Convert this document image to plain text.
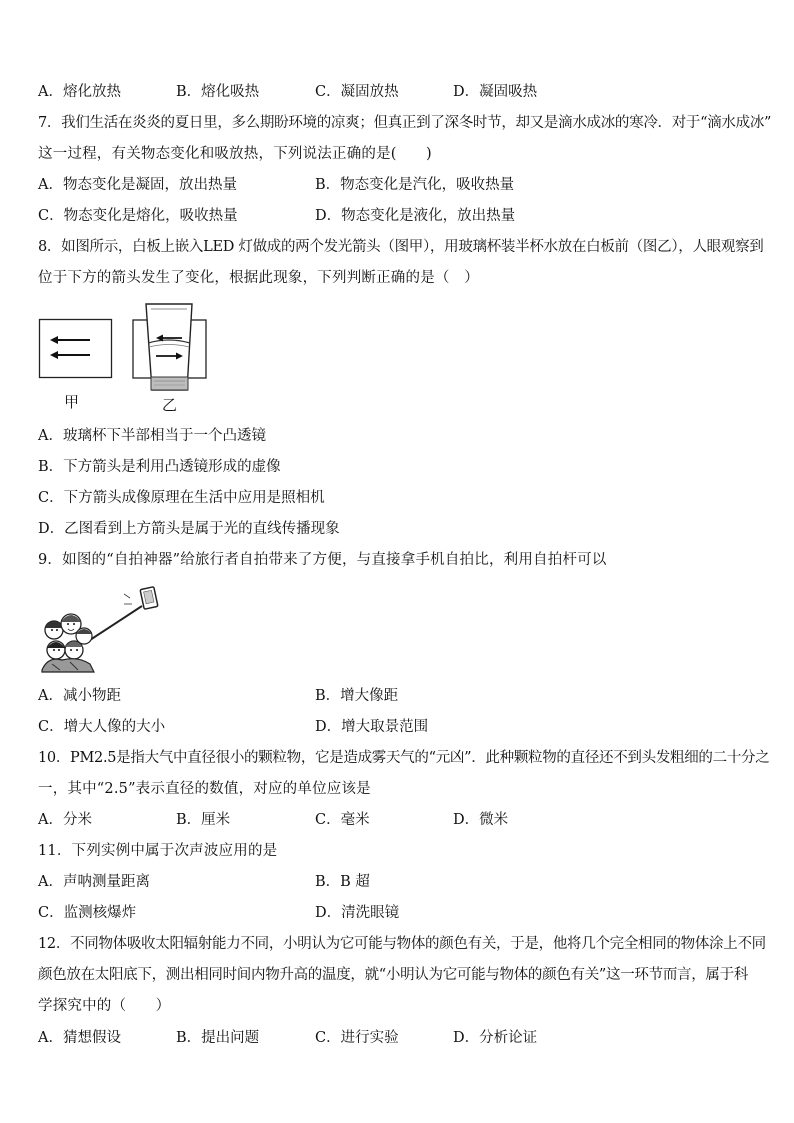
A．熔化放热	B．熔化吸热	C．凝固放热	D．凝固吸热
7．我们生活在炎炎的夏日里，多么期盼环境的凉爽；但真正到了深冬时节，却又是滴水成冰的寒冷．对于“滴水成冰”
这一过程，有关物态变化和吸放热，下列说法正确的是(　　)
A．物态变化是凝固，放出热量	B．物态变化是汽化，吸收热量
C．物态变化是熔化，吸收热量	D．物态变化是液化，放出热量
8．如图所示，白板上嵌入LED 灯做成的两个发光箭头（图甲），用玻璃杯装半杯水放在白板前（图乙），人眼观察到
位于下方的箭头发生了变化，根据此现象，下列判断正确的是（　）
甲	乙
A．玻璃杯下半部相当于一个凸透镜
B．下方箭头是利用凸透镜形成的虚像
C．下方箭头成像原理在生活中应用是照相机
D．乙图看到上方箭头是属于光的直线传播现象
9．如图的“自拍神器”给旅行者自拍带来了方便，与直接拿手机自拍比，利用自拍杆可以
A．减小物距	B．增大像距
C．增大人像的大小	D．增大取景范围
10．PM2.5是指大气中直径很小的颗粒物，它是造成雾天气的“元凶”．此种颗粒物的直径还不到头发粗细的二十分之
一，其中“2.5”表示直径的数值，对应的单位应该是
A．分米	B．厘米	C．毫米	D．微米
11．下列实例中属于次声波应用的是
A．声呐测量距离	B．B 超
C．监测核爆炸	D．清洗眼镜
12．不同物体吸收太阳辐射能力不同，小明认为它可能与物体的颜色有关，于是，他将几个完全相同的物体涂上不同
颜色放在太阳底下，测出相同时间内物升高的温度，就“小明认为它可能与物体的颜色有关”这一环节而言，属于科
学探究中的（　　）
A．猜想假设	B．提出问题	C．进行实验	D．分析论证
